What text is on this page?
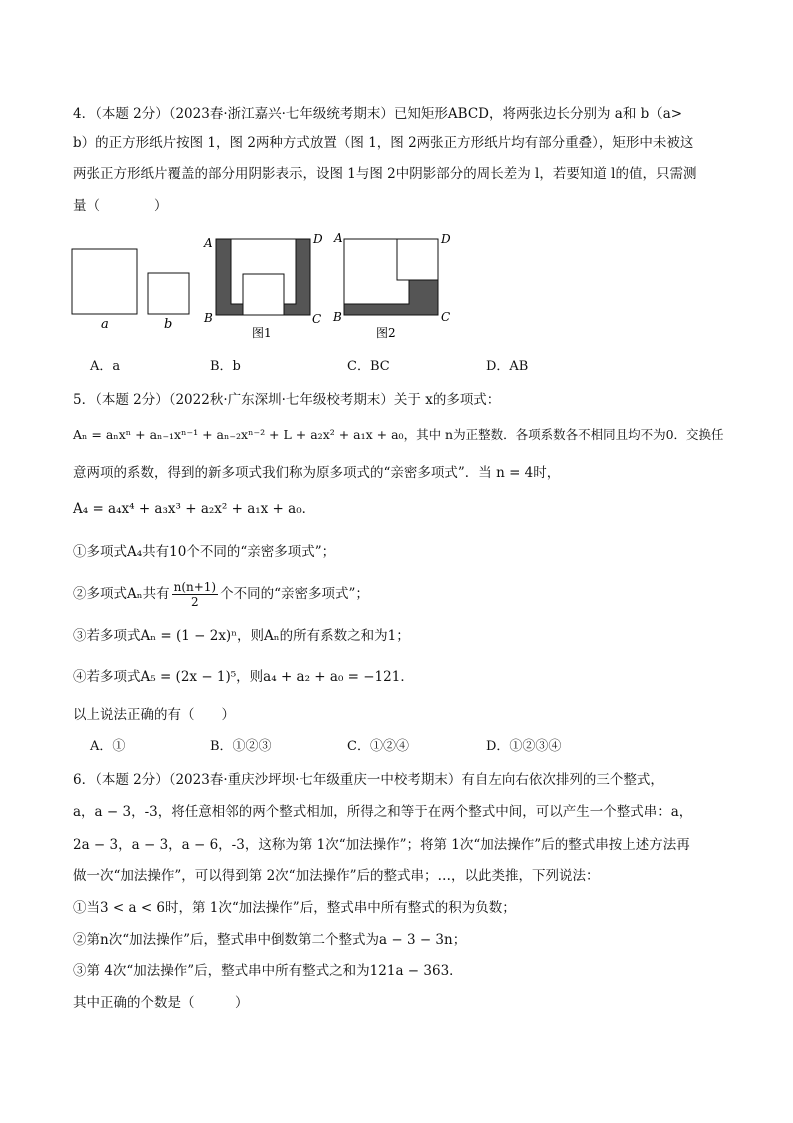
4．（本题 2分）（2023春·浙江嘉兴·七年级统考期末）已知矩形ABCD，将两张边长分别为 a和 b（a>
b）的正方形纸片按图 1，图 2两种方式放置（图 1，图 2两张正方形纸片均有部分重叠），矩形中未被这
两张正方形纸片覆盖的部分用阴影表示，设图 1与图 2中阴影部分的周长差为 l，若要知道 l的值，只需测
量（　　　　）
a	b
A	D
B	C
图1
A	D
B	C
图2
A．a	B．b	C．BC	D．AB
5．（本题 2分）（2022秋·广东深圳·七年级校考期末）关于 x的多项式：
Aₙ = aₙxⁿ + aₙ₋₁xⁿ⁻¹ + aₙ₋₂xⁿ⁻² + L + a₂x² + a₁x + a₀，其中 n为正整数．各项系数各不相同且均不为0．交换任
意两项的系数，得到的新多项式我们称为原多项式的“亲密多项式”．当 n = 4时，
A₄ = a₄x⁴ + a₃x³ + a₂x² + a₁x + a₀．
①多项式A₄共有10个不同的“亲密多项式”；
②多项式Aₙ共有 $\frac{n(n+1)}{2}$ 个不同的“亲密多项式”；
③若多项式Aₙ = (1 − 2x)ⁿ，则Aₙ的所有系数之和为1；
④若多项式A₅ = (2x − 1)⁵，则a₄ + a₂ + a₀ = −121．
以上说法正确的有（　　）
A．①	B．①②③	C．①②④	D．①②③④
6．（本题 2分）（2023春·重庆沙坪坝·七年级重庆一中校考期末）有自左向右依次排列的三个整式，
a，a − 3，-3，将任意相邻的两个整式相加，所得之和等于在两个整式中间，可以产生一个整式串：a，
2a − 3，a − 3，a − 6，-3，这称为第 1次“加法操作”；将第 1次“加法操作”后的整式串按上述方法再
做一次“加法操作”，可以得到第 2次“加法操作”后的整式串；…，以此类推，下列说法：
①当3 < a < 6时，第 1次“加法操作”后，整式串中所有整式的积为负数；
②第n次“加法操作”后，整式串中倒数第二个整式为a − 3 − 3n；
③第 4次“加法操作”后，整式串中所有整式之和为121a − 363．
其中正确的个数是（　　　）
